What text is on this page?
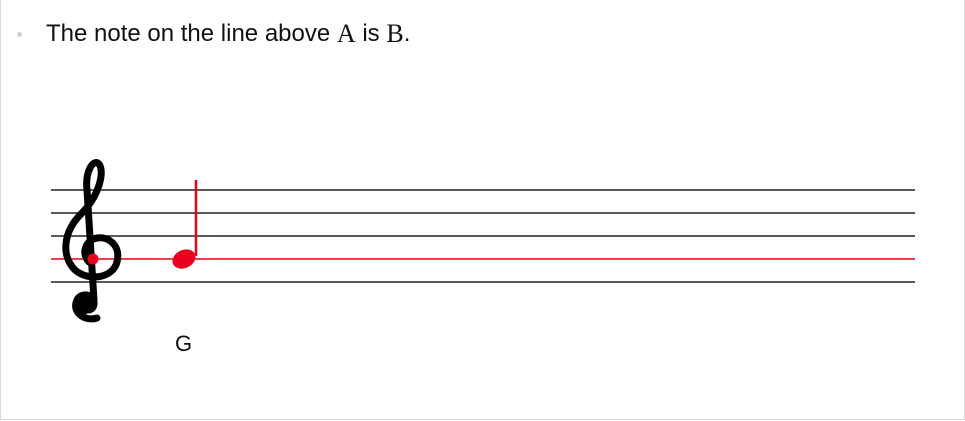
The note on the line above A is B .
G
